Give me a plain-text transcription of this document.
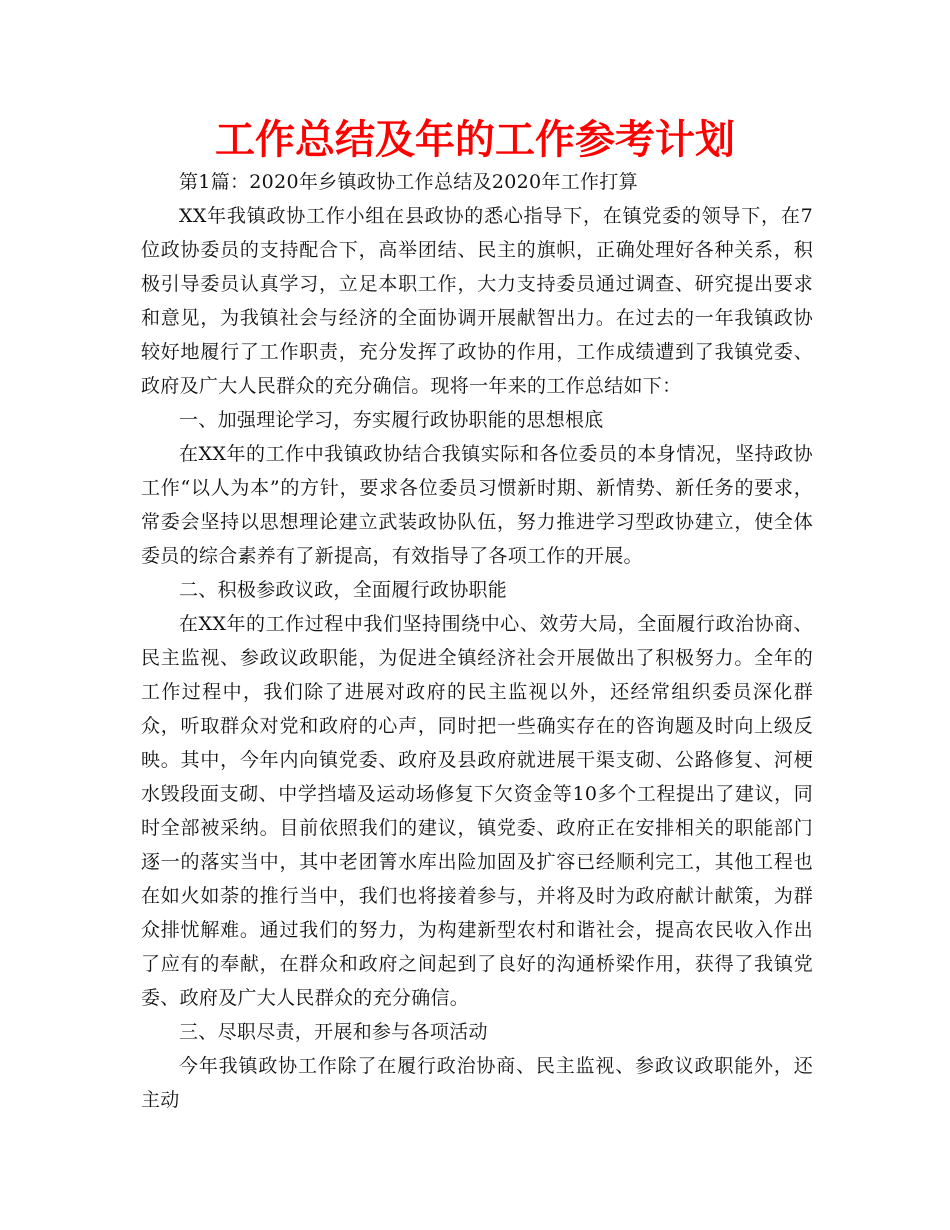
工作总结及年的工作参考计划

第1篇：2020年乡镇政协工作总结及2020年工作打算

XX年我镇政协工作小组在县政协的悉心指导下，在镇党委的领导下，在7位政协委员的支持配合下，高举团结、民主的旗帜，正确处理好各种关系，积极引导委员认真学习，立足本职工作，大力支持委员通过调查、研究提出要求和意见，为我镇社会与经济的全面协调开展献智出力。在过去的一年我镇政协较好地履行了工作职责，充分发挥了政协的作用，工作成绩遭到了我镇党委、政府及广大人民群众的充分确信。现将一年来的工作总结如下：

一、加强理论学习，夯实履行政协职能的思想根底

在XX年的工作中我镇政协结合我镇实际和各位委员的本身情况，坚持政协工作“以人为本”的方针，要求各位委员习惯新时期、新情势、新任务的要求，常委会坚持以思想理论建立武装政协队伍，努力推进学习型政协建立，使全体委员的综合素养有了新提高，有效指导了各项工作的开展。

二、积极参政议政，全面履行政协职能

在XX年的工作过程中我们坚持围绕中心、效劳大局，全面履行政治协商、民主监视、参政议政职能，为促进全镇经济社会开展做出了积极努力。全年的工作过程中，我们除了进展对政府的民主监视以外，还经常组织委员深化群众，听取群众对党和政府的心声，同时把一些确实存在的咨询题及时向上级反映。其中，今年内向镇党委、政府及县政府就进展干渠支砌、公路修复、河梗水毁段面支砌、中学挡墙及运动场修复下欠资金等10多个工程提出了建议，同时全部被采纳。目前依照我们的建议，镇党委、政府正在安排相关的职能部门逐一的落实当中，其中老团箐水库出险加固及扩容已经顺利完工，其他工程也在如火如荼的推行当中，我们也将接着参与，并将及时为政府献计献策，为群众排忧解难。通过我们的努力，为构建新型农村和谐社会，提高农民收入作出了应有的奉献，在群众和政府之间起到了良好的沟通桥梁作用，获得了我镇党委、政府及广大人民群众的充分确信。

三、尽职尽责，开展和参与各项活动

今年我镇政协工作除了在履行政治协商、民主监视、参政议政职能外，还主动
